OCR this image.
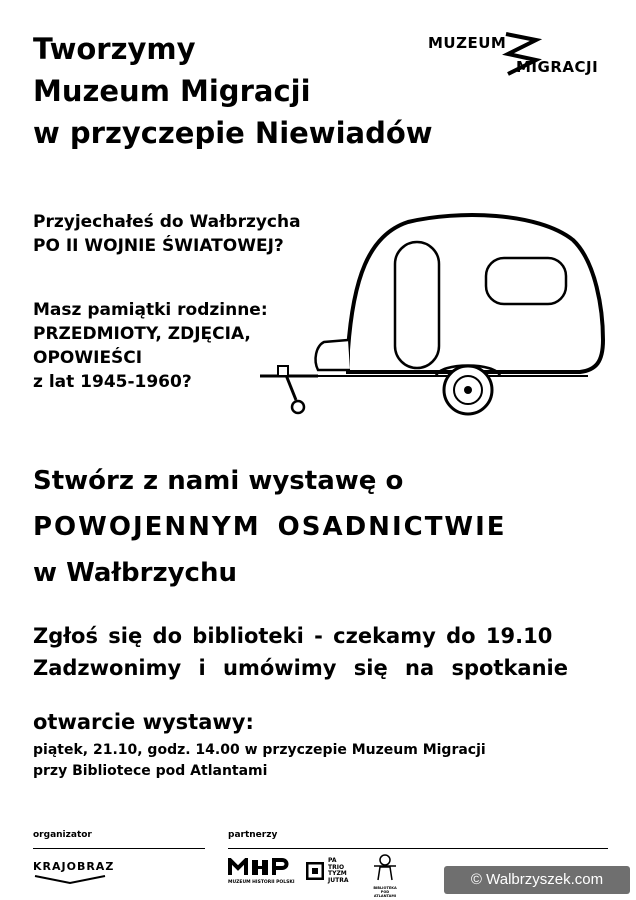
Tworzymy
Muzeum Migracji
w przyczepie Niewiadów
MUZEUM
MIGRACJI
Przyjechałeś do Wałbrzycha
PO II WOJNIE ŚWIATOWEJ?
Masz pamiątki rodzinne:
PRZEDMIOTY, ZDJĘCIA,
OPOWIEŚCI
z lat 1945-1960?
Stwórz z nami wystawę o
POWOJENNYM OSADNICTWIE
w Wałbrzychu
Zgłoś się do biblioteki - czekamy do 19.10
Zadzwonimy i umówimy się na spotkanie
otwarcie wystawy:
piątek, 21.10, godz. 14.00 w przyczepie Muzeum Migracji
przy Bibliotece pod Atlantami
organizator	partnerzy
KRAJOBRAZ
MUZEUM HISTORII POLSKI
PA
TRIO
TYZM
JUTRA
BIBLIOTEKA POD ATLANTAMI
© Walbrzyszek.com
